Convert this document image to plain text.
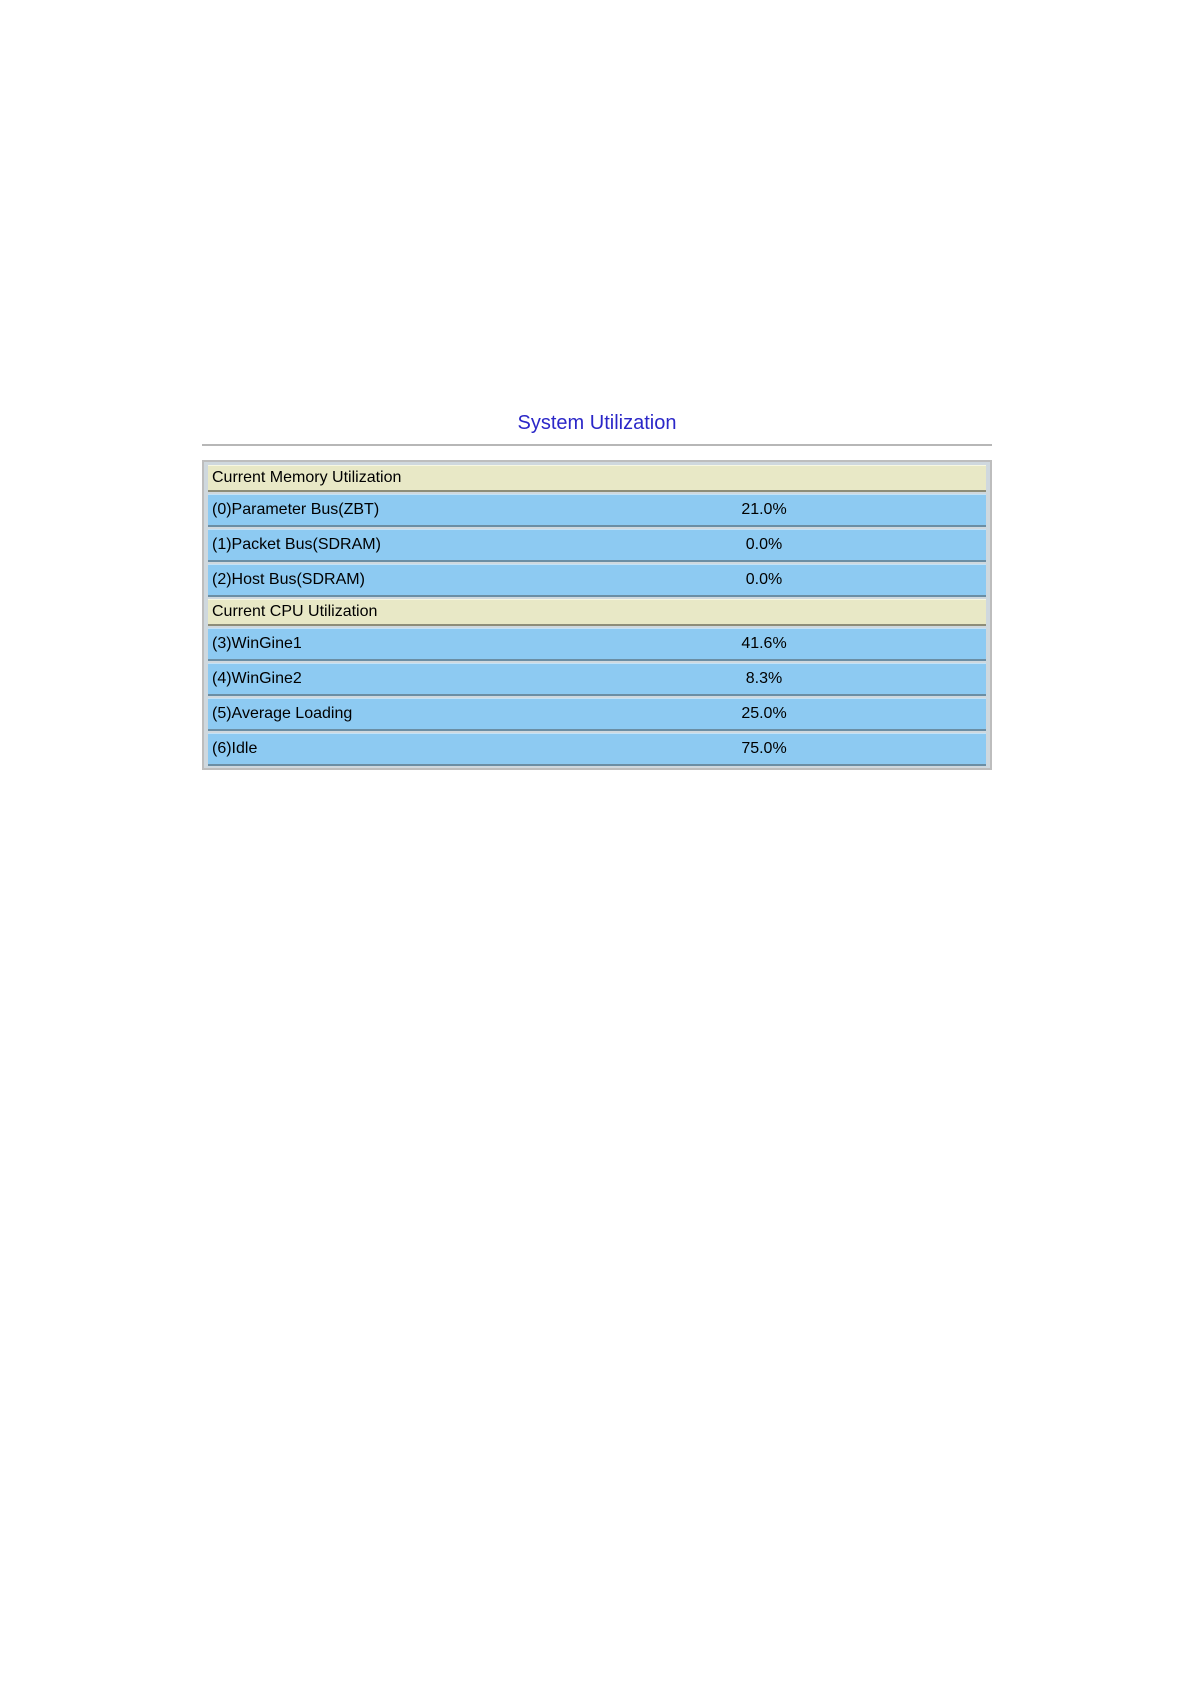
System Utilization
Current Memory Utilization
(0)Parameter Bus(ZBT)	21.0%
(1)Packet Bus(SDRAM)	0.0%
(2)Host Bus(SDRAM)	0.0%
Current CPU Utilization
(3)WinGine1	41.6%
(4)WinGine2	8.3%
(5)Average Loading	25.0%
(6)Idle	75.0%
